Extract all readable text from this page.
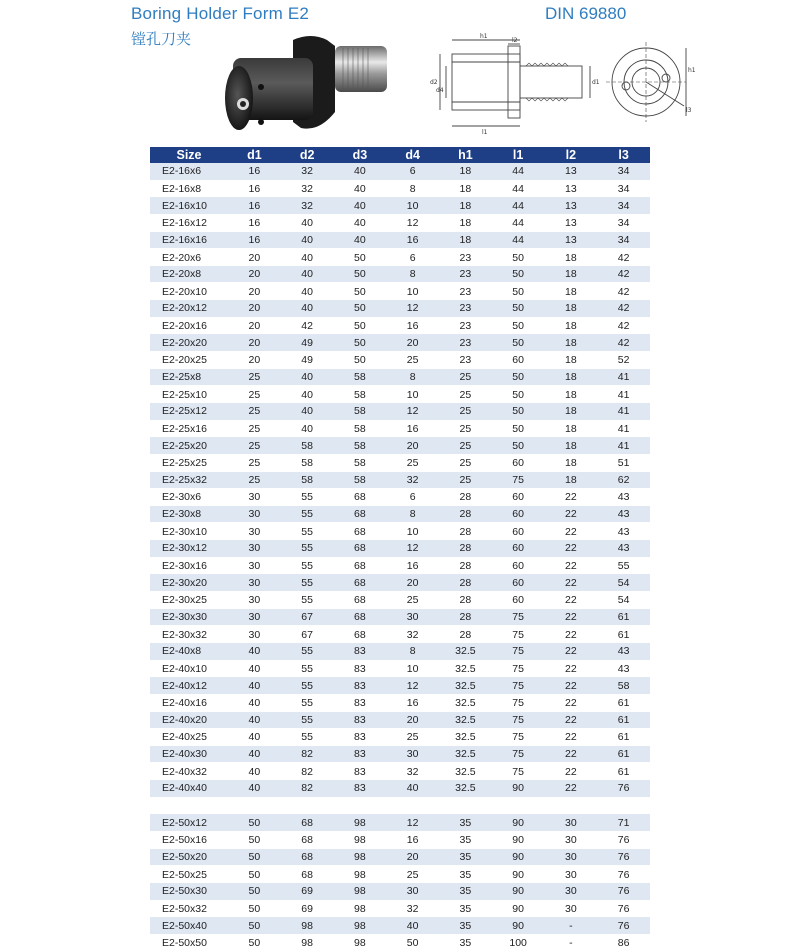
Boring Holder Form E2
镗孔刀夹
DIN 69880
h1
l1
l2
d2
d4
d1
h1
l3
Size	d1	d2	d3	d4	h1	l1	l2	l3
E2-16x6	16	32	40	6	18	44	13	34
E2-16x8	16	32	40	8	18	44	13	34
E2-16x10	16	32	40	10	18	44	13	34
E2-16x12	16	40	40	12	18	44	13	34
E2-16x16	16	40	40	16	18	44	13	34
E2-20x6	20	40	50	6	23	50	18	42
E2-20x8	20	40	50	8	23	50	18	42
E2-20x10	20	40	50	10	23	50	18	42
E2-20x12	20	40	50	12	23	50	18	42
E2-20x16	20	42	50	16	23	50	18	42
E2-20x20	20	49	50	20	23	50	18	42
E2-20x25	20	49	50	25	23	60	18	52
E2-25x8	25	40	58	8	25	50	18	41
E2-25x10	25	40	58	10	25	50	18	41
E2-25x12	25	40	58	12	25	50	18	41
E2-25x16	25	40	58	16	25	50	18	41
E2-25x20	25	58	58	20	25	50	18	41
E2-25x25	25	58	58	25	25	60	18	51
E2-25x32	25	58	58	32	25	75	18	62
E2-30x6	30	55	68	6	28	60	22	43
E2-30x8	30	55	68	8	28	60	22	43
E2-30x10	30	55	68	10	28	60	22	43
E2-30x12	30	55	68	12	28	60	22	43
E2-30x16	30	55	68	16	28	60	22	55
E2-30x20	30	55	68	20	28	60	22	54
E2-30x25	30	55	68	25	28	60	22	54
E2-30x30	30	67	68	30	28	75	22	61
E2-30x32	30	67	68	32	28	75	22	61
E2-40x8	40	55	83	8	32.5	75	22	43
E2-40x10	40	55	83	10	32.5	75	22	43
E2-40x12	40	55	83	12	32.5	75	22	58
E2-40x16	40	55	83	16	32.5	75	22	61
E2-40x20	40	55	83	20	32.5	75	22	61
E2-40x25	40	55	83	25	32.5	75	22	61
E2-40x30	40	82	83	30	32.5	75	22	61
E2-40x32	40	82	83	32	32.5	75	22	61
E2-40x40	40	82	83	40	32.5	90	22	76

E2-50x12	50	68	98	12	35	90	30	71
E2-50x16	50	68	98	16	35	90	30	76
E2-50x20	50	68	98	20	35	90	30	76
E2-50x25	50	68	98	25	35	90	30	76
E2-50x30	50	69	98	30	35	90	30	76
E2-50x32	50	69	98	32	35	90	30	76
E2-50x40	50	98	98	40	35	90	-	76
E2-50x50	50	98	98	50	35	100	-	86
